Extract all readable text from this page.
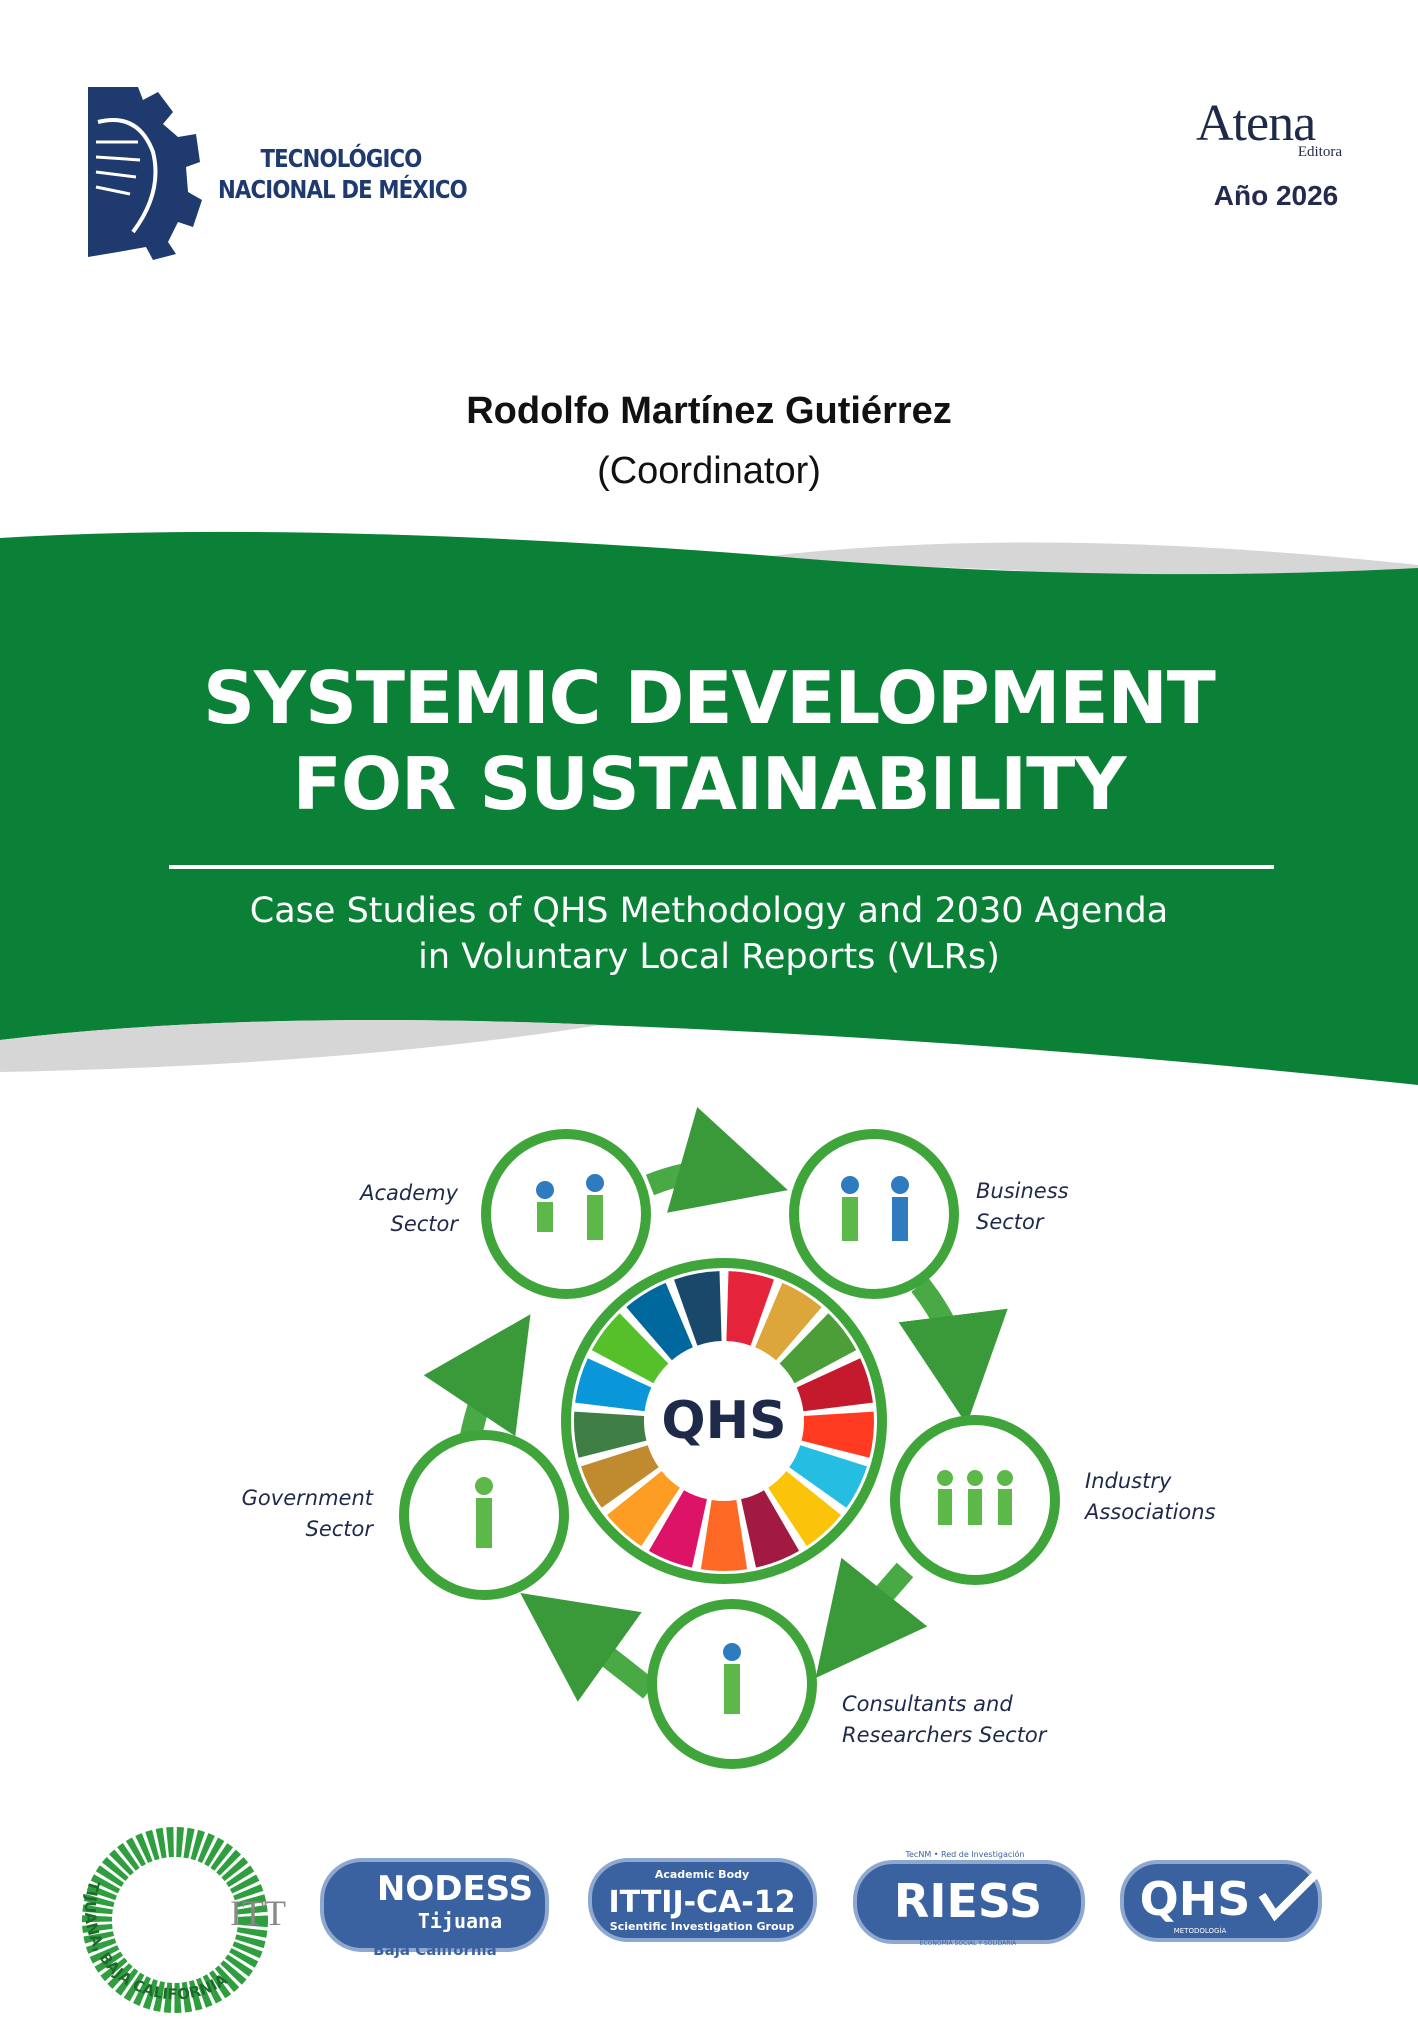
TECNOLÓGICO
NACIONAL DE MÉXICO
Atena
Editora
Año 2026
Rodolfo Martínez Gutiérrez
(Coordinator)
SYSTEMIC DEVELOPMENT
FOR SUSTAINABILITY
Case Studies of QHS Methodology and 2030 Agenda
in Voluntary Local Reports (VLRs)
QHS
Academy
Sector
Business
Sector
Industry
Associations
Consultants and
Researchers Sector
Government
Sector
ITT
TIJUANA, BAJA CALIFORNIA
NODESS
Tijuana
Baja California
Academic Body
ITTIJ-CA-12
Scientific Investigation Group
TecNM • Red de Investigación
RIESS
ECONOMÍA SOCIAL Y SOLIDARIA
QHS
METODOLOGÍA
